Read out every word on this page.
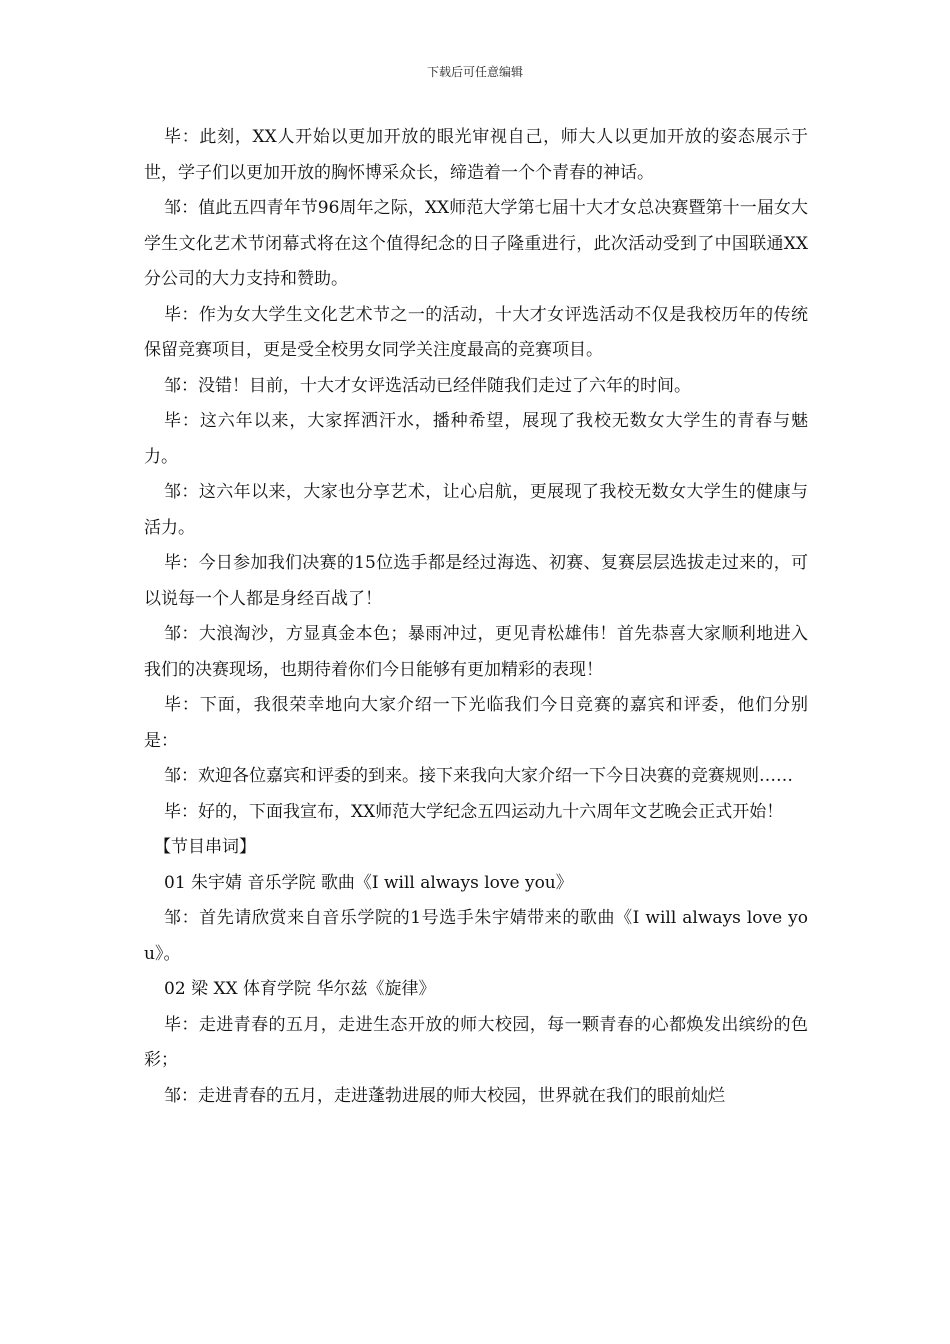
下载后可任意编辑

毕：此刻，XX人开始以更加开放的眼光审视自己，师大人以更加开放的姿态展示于世，学子们以更加开放的胸怀博采众长，缔造着一个个青春的神话。

邹：值此五四青年节96周年之际，XX师范大学第七届十大才女总决赛暨第十一届女大学生文化艺术节闭幕式将在这个值得纪念的日子隆重进行，此次活动受到了中国联通XX分公司的大力支持和赞助。

毕：作为女大学生文化艺术节之一的活动，十大才女评选活动不仅是我校历年的传统保留竞赛项目，更是受全校男女同学关注度最高的竞赛项目。

邹：没错！目前，十大才女评选活动已经伴随我们走过了六年的时间。

毕：这六年以来，大家挥洒汗水，播种希望，展现了我校无数女大学生的青春与魅力。

邹：这六年以来，大家也分享艺术，让心启航，更展现了我校无数女大学生的健康与活力。

毕：今日参加我们决赛的15位选手都是经过海选、初赛、复赛层层选拔走过来的，可以说每一个人都是身经百战了！

邹：大浪淘沙，方显真金本色；暴雨冲过，更见青松雄伟！首先恭喜大家顺利地进入我们的决赛现场，也期待着你们今日能够有更加精彩的表现！

毕：下面，我很荣幸地向大家介绍一下光临我们今日竞赛的嘉宾和评委，他们分别是：

邹：欢迎各位嘉宾和评委的到来。接下来我向大家介绍一下今日决赛的竞赛规则……

毕：好的，下面我宣布，XX师范大学纪念五四运动九十六周年文艺晚会正式开始！

【节目串词】

01 朱宇婧 音乐学院 歌曲《I will always love you》

邹：首先请欣赏来自音乐学院的1号选手朱宇婧带来的歌曲《I will always love you》。

02 梁 XX 体育学院 华尔兹《旋律》

毕：走进青春的五月，走进生态开放的师大校园，每一颗青春的心都焕发出缤纷的色彩；

邹：走进青春的五月，走进蓬勃进展的师大校园，世界就在我们的眼前灿烂
